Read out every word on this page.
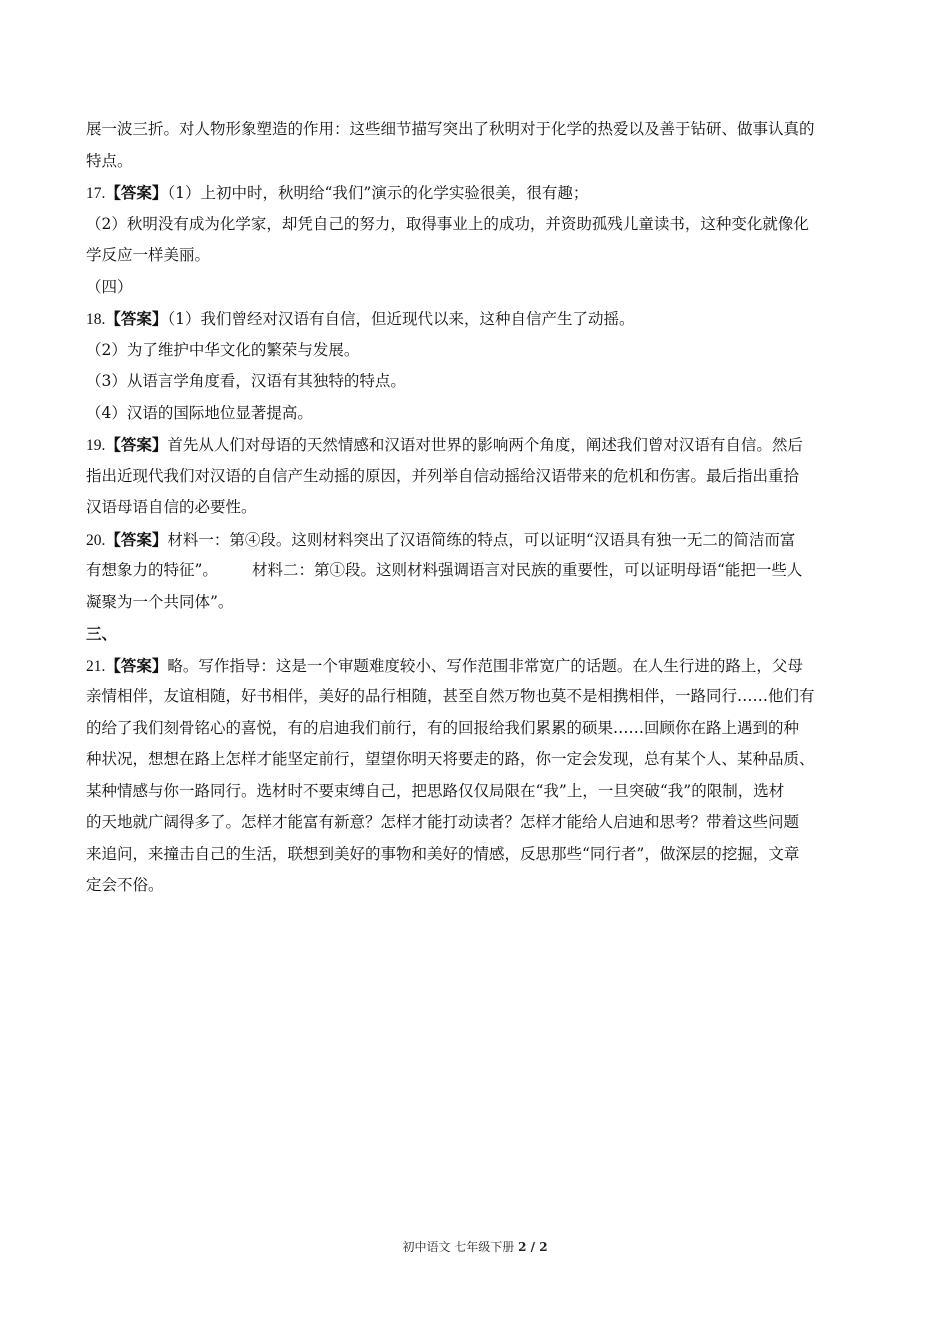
展一波三折。对人物形象塑造的作用：这些细节描写突出了秋明对于化学的热爱以及善于钻研、做事认真的
特点。
17.【答案】（1）上初中时，秋明给“我们”演示的化学实验很美，很有趣；
（2）秋明没有成为化学家，却凭自己的努力，取得事业上的成功，并资助孤残儿童读书，这种变化就像化
学反应一样美丽。
（四）
18.【答案】（1）我们曾经对汉语有自信，但近现代以来，这种自信产生了动摇。
（2）为了维护中华文化的繁荣与发展。
（3）从语言学角度看，汉语有其独特的特点。
（4）汉语的国际地位显著提高。
19.【答案】首先从人们对母语的天然情感和汉语对世界的影响两个角度，阐述我们曾对汉语有自信。然后
指出近现代我们对汉语的自信产生动摇的原因，并列举自信动摇给汉语带来的危机和伤害。最后指出重拾
汉语母语自信的必要性。
20.【答案】材料一：第④段。这则材料突出了汉语简练的特点，可以证明“汉语具有独一无二的简洁而富
有想象力的特征”。 材料二：第①段。这则材料强调语言对民族的重要性，可以证明母语“能把一些人
凝聚为一个共同体”。
三、
21.【答案】略。写作指导：这是一个审题难度较小、写作范围非常宽广的话题。在人生行进的路上，父母
亲情相伴，友谊相随，好书相伴，美好的品行相随，甚至自然万物也莫不是相携相伴，一路同行……他们有
的给了我们刻骨铭心的喜悦，有的启迪我们前行，有的回报给我们累累的硕果……回顾你在路上遇到的种
种状况，想想在路上怎样才能坚定前行，望望你明天将要走的路，你一定会发现，总有某个人、某种品质、
某种情感与你一路同行。选材时不要束缚自己，把思路仅仅局限在“我”上，一旦突破“我”的限制，选材
的天地就广阔得多了。怎样才能富有新意？怎样才能打动读者？怎样才能给人启迪和思考？带着这些问题
来追问，来撞击自己的生活，联想到美好的事物和美好的情感，反思那些“同行者”，做深层的挖掘，文章
定会不俗。
初中语文 七年级下册 2 / 2
